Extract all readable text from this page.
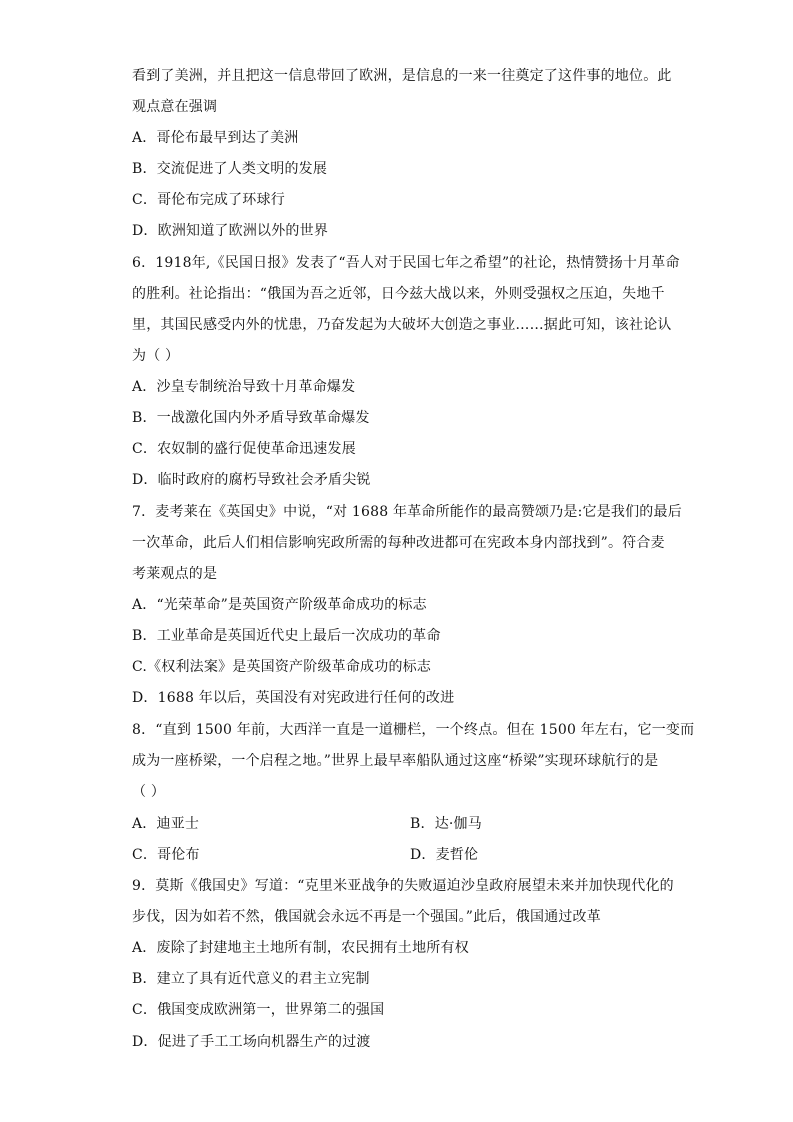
看到了美洲，并且把这一信息带回了欧洲，是信息的一来一往奠定了这件事的地位。此
观点意在强调
A．哥伦布最早到达了美洲
B．交流促进了人类文明的发展
C．哥伦布完成了环球行
D．欧洲知道了欧洲以外的世界
6．1918年,《民国日报》发表了“吾人对于民国七年之希望”的社论，热情赞扬十月革命
的胜利。社论指出：“俄国为吾之近邻，日今兹大战以来，外则受强权之压迫，失地千
里，其国民感受内外的忧患，乃奋发起为大破坏大创造之事业……据此可知，该社论认
为（ ）
A．沙皇专制统治导致十月革命爆发
B．一战激化国内外矛盾导致革命爆发
C．农奴制的盛行促使革命迅速发展
D．临时政府的腐朽导致社会矛盾尖锐
7．麦考莱在《英国史》中说，“对 1688 年革命所能作的最高赞颂乃是:它是我们的最后
一次革命，此后人们相信影响宪政所需的每种改进都可在宪政本身内部找到”。符合麦
考莱观点的是
A．“光荣革命”是英国资产阶级革命成功的标志
B．工业革命是英国近代史上最后一次成功的革命
C.《权利法案》是英国资产阶级革命成功的标志
D．1688 年以后，英国没有对宪政进行任何的改进
8．“直到 1500 年前，大西洋一直是一道栅栏，一个终点。但在 1500 年左右，它一变而
成为一座桥梁，一个启程之地。”世界上最早率船队通过这座“桥梁”实现环球航行的是
（ ）
A．迪亚士	B．达·伽马
C．哥伦布	D．麦哲伦
9．莫斯《俄国史》写道：“克里米亚战争的失败逼迫沙皇政府展望未来并加快现代化的
步伐，因为如若不然，俄国就会永远不再是一个强国。”此后，俄国通过改革
A．废除了封建地主土地所有制，农民拥有土地所有权
B．建立了具有近代意义的君主立宪制
C．俄国变成欧洲第一，世界第二的强国
D．促进了手工工场向机器生产的过渡
